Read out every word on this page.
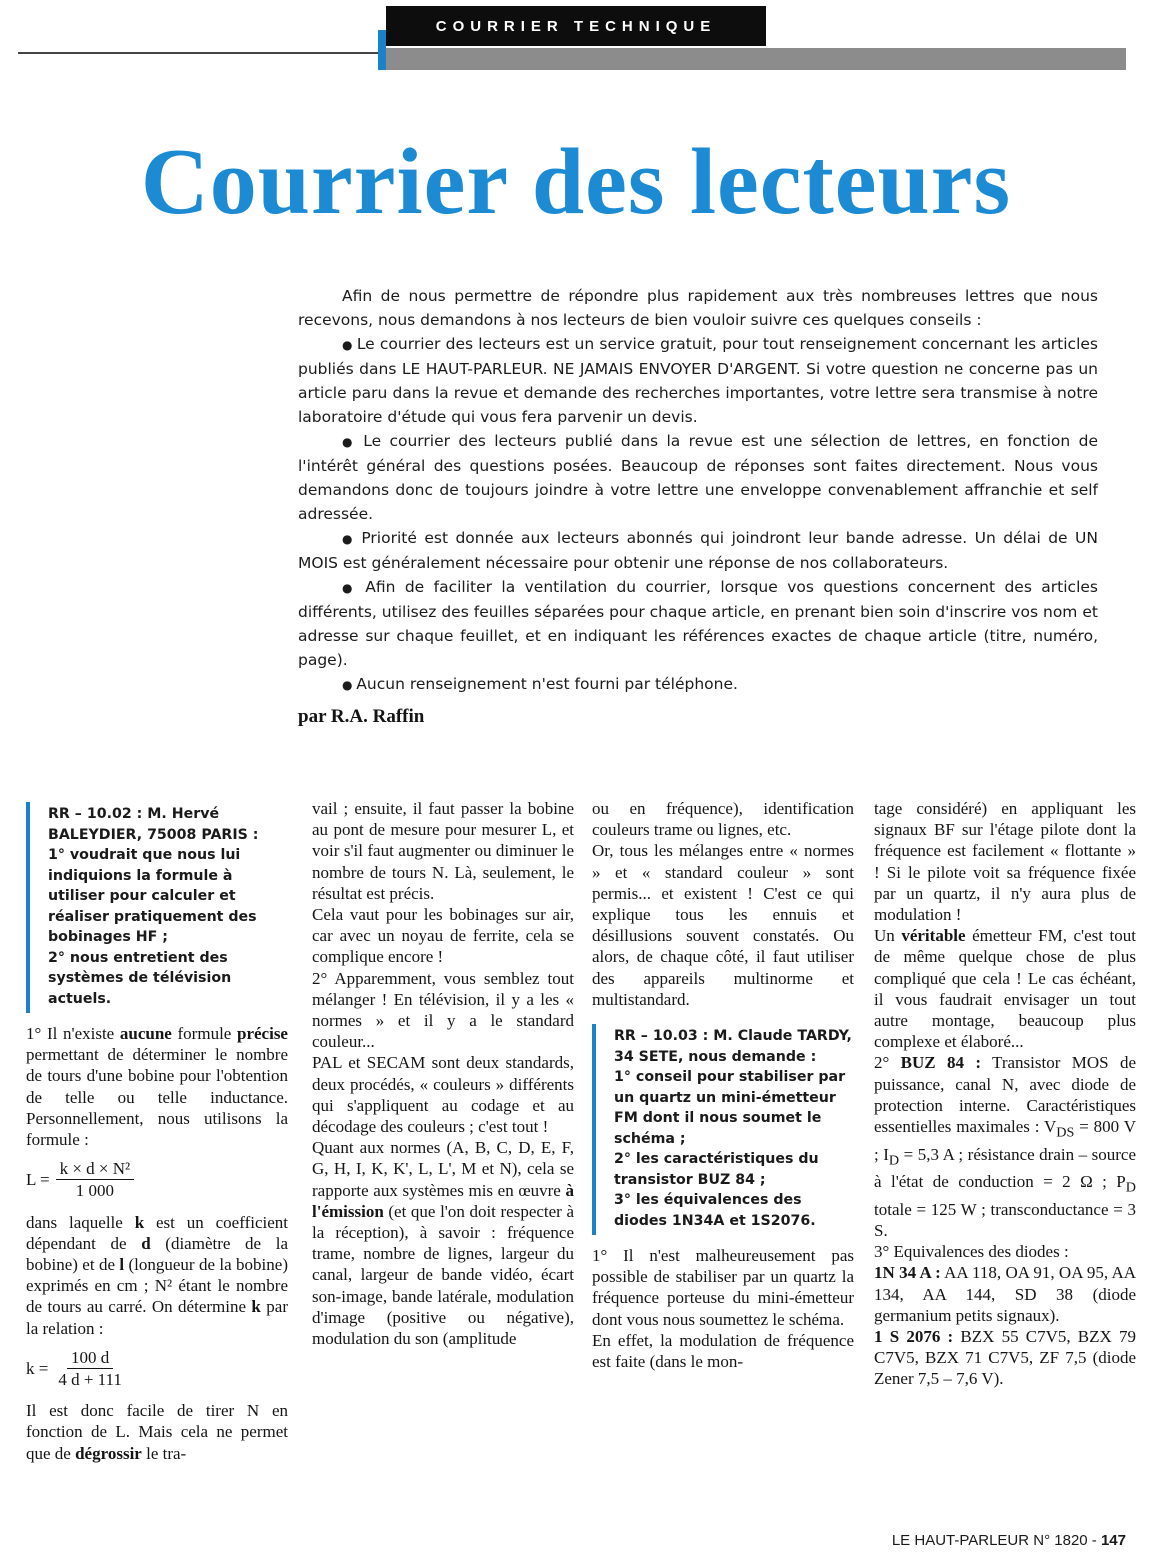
COURRIER TECHNIQUE
Courrier des lecteurs

Afin de nous permettre de répondre plus rapidement aux très nombreuses lettres que nous recevons, nous demandons à nos lecteurs de bien vouloir suivre ces quelques conseils :

● Le courrier des lecteurs est un service gratuit, pour tout renseignement concernant les articles publiés dans LE HAUT-PARLEUR. NE JAMAIS ENVOYER D'ARGENT. Si votre question ne concerne pas un article paru dans la revue et demande des recherches importantes, votre lettre sera transmise à notre laboratoire d'étude qui vous fera parvenir un devis.

● Le courrier des lecteurs publié dans la revue est une sélection de lettres, en fonction de l'intérêt général des questions posées. Beaucoup de réponses sont faites directement. Nous vous demandons donc de toujours joindre à votre lettre une enveloppe convenablement affranchie et self adressée.

● Priorité est donnée aux lecteurs abonnés qui joindront leur bande adresse. Un délai de UN MOIS est généralement nécessaire pour obtenir une réponse de nos collaborateurs.

● Afin de faciliter la ventilation du courrier, lorsque vos questions concernent des articles différents, utilisez des feuilles séparées pour chaque article, en prenant bien soin d'inscrire vos nom et adresse sur chaque feuillet, et en indiquant les références exactes de chaque article (titre, numéro, page).

● Aucun renseignement n'est fourni par téléphone.

par R.A. Raffin

RR – 10.02 : M. Hervé BALEYDIER, 75008 PARIS :

1° voudrait que nous lui indiquions la formule à utiliser pour calculer et réaliser pratiquement des bobinages HF ;

2° nous entretient des systèmes de télévision actuels.

1° Il n'existe aucune formule précise permettant de déterminer le nombre de tours d'une bobine pour l'obtention de telle ou telle inductance. Personnellement, nous utilisons la formule :

$L = \frac{\text{k × d × N²}}{1 000}$

dans laquelle k est un coefficient dépendant de d (diamètre de la bobine) et de l (longueur de la bobine) exprimés en cm ; N² étant le nombre de tours au carré. On détermine k par la relation :

$k = \frac{100 d}{4 d + 111}$

Il est donc facile de tirer N en fonction de L. Mais cela ne permet que de dégrossir le tra-

vail ; ensuite, il faut passer la bobine au pont de mesure pour mesurer L, et voir s'il faut augmenter ou diminuer le nombre de tours N. Là, seulement, le résultat est précis.

Cela vaut pour les bobinages sur air, car avec un noyau de ferrite, cela se complique encore !

2° Apparemment, vous semblez tout mélanger ! En télévision, il y a les « normes » et il y a le standard couleur...

PAL et SECAM sont deux standards, deux procédés, « couleurs » différents qui s'appliquent au codage et au décodage des couleurs ; c'est tout !

Quant aux normes (A, B, C, D, E, F, G, H, I, K, K', L, L', M et N), cela se rapporte aux systèmes mis en œuvre à l'émission (et que l'on doit respecter à la réception), à savoir : fréquence trame, nombre de lignes, largeur du canal, largeur de bande vidéo, écart son-image, bande latérale, modulation d'image (positive ou négative), modulation du son (amplitude

ou en fréquence), identification couleurs trame ou lignes, etc.

Or, tous les mélanges entre « normes » et « standard couleur » sont permis... et existent ! C'est ce qui explique tous les ennuis et désillusions souvent constatés. Ou alors, de chaque côté, il faut utiliser des appareils multinorme et multistandard.

RR – 10.03 : M. Claude TARDY, 34 SETE, nous demande :

1° conseil pour stabiliser par un quartz un mini-émetteur FM dont il nous soumet le schéma ;

2° les caractéristiques du transistor BUZ 84 ;

3° les équivalences des diodes 1N34A et 1S2076.

1° Il n'est malheureusement pas possible de stabiliser par un quartz la fréquence porteuse du mini-émetteur dont vous nous soumettez le schéma.

En effet, la modulation de fréquence est faite (dans le mon-

tage considéré) en appliquant les signaux BF sur l'étage pilote dont la fréquence est facilement « flottante » ! Si le pilote voit sa fréquence fixée par un quartz, il n'y aura plus de modulation !

Un véritable émetteur FM, c'est tout de même quelque chose de plus compliqué que cela ! Le cas échéant, il vous faudrait envisager un tout autre montage, beaucoup plus complexe et élaboré...

2° BUZ 84 : Transistor MOS de puissance, canal N, avec diode de protection interne. Caractéristiques essentielles maximales : $V_{DS} = 800$ V ; $I_D = 5,3$ A ; résistance drain – source à l'état de conduction = 2 Ω ; $P_D$ totale = 125 W ; transconductance = 3 S.

3° Equivalences des diodes :

1N 34 A : AA 118, OA 91, OA 95, AA 134, AA 144, SD 38 (diode germanium petits signaux).

1 S 2076 : BZX 55 C7V5, BZX 79 C7V5, BZX 71 C7V5, ZF 7,5 (diode Zener 7,5 – 7,6 V).

LE HAUT-PARLEUR N° 1820 - 147
